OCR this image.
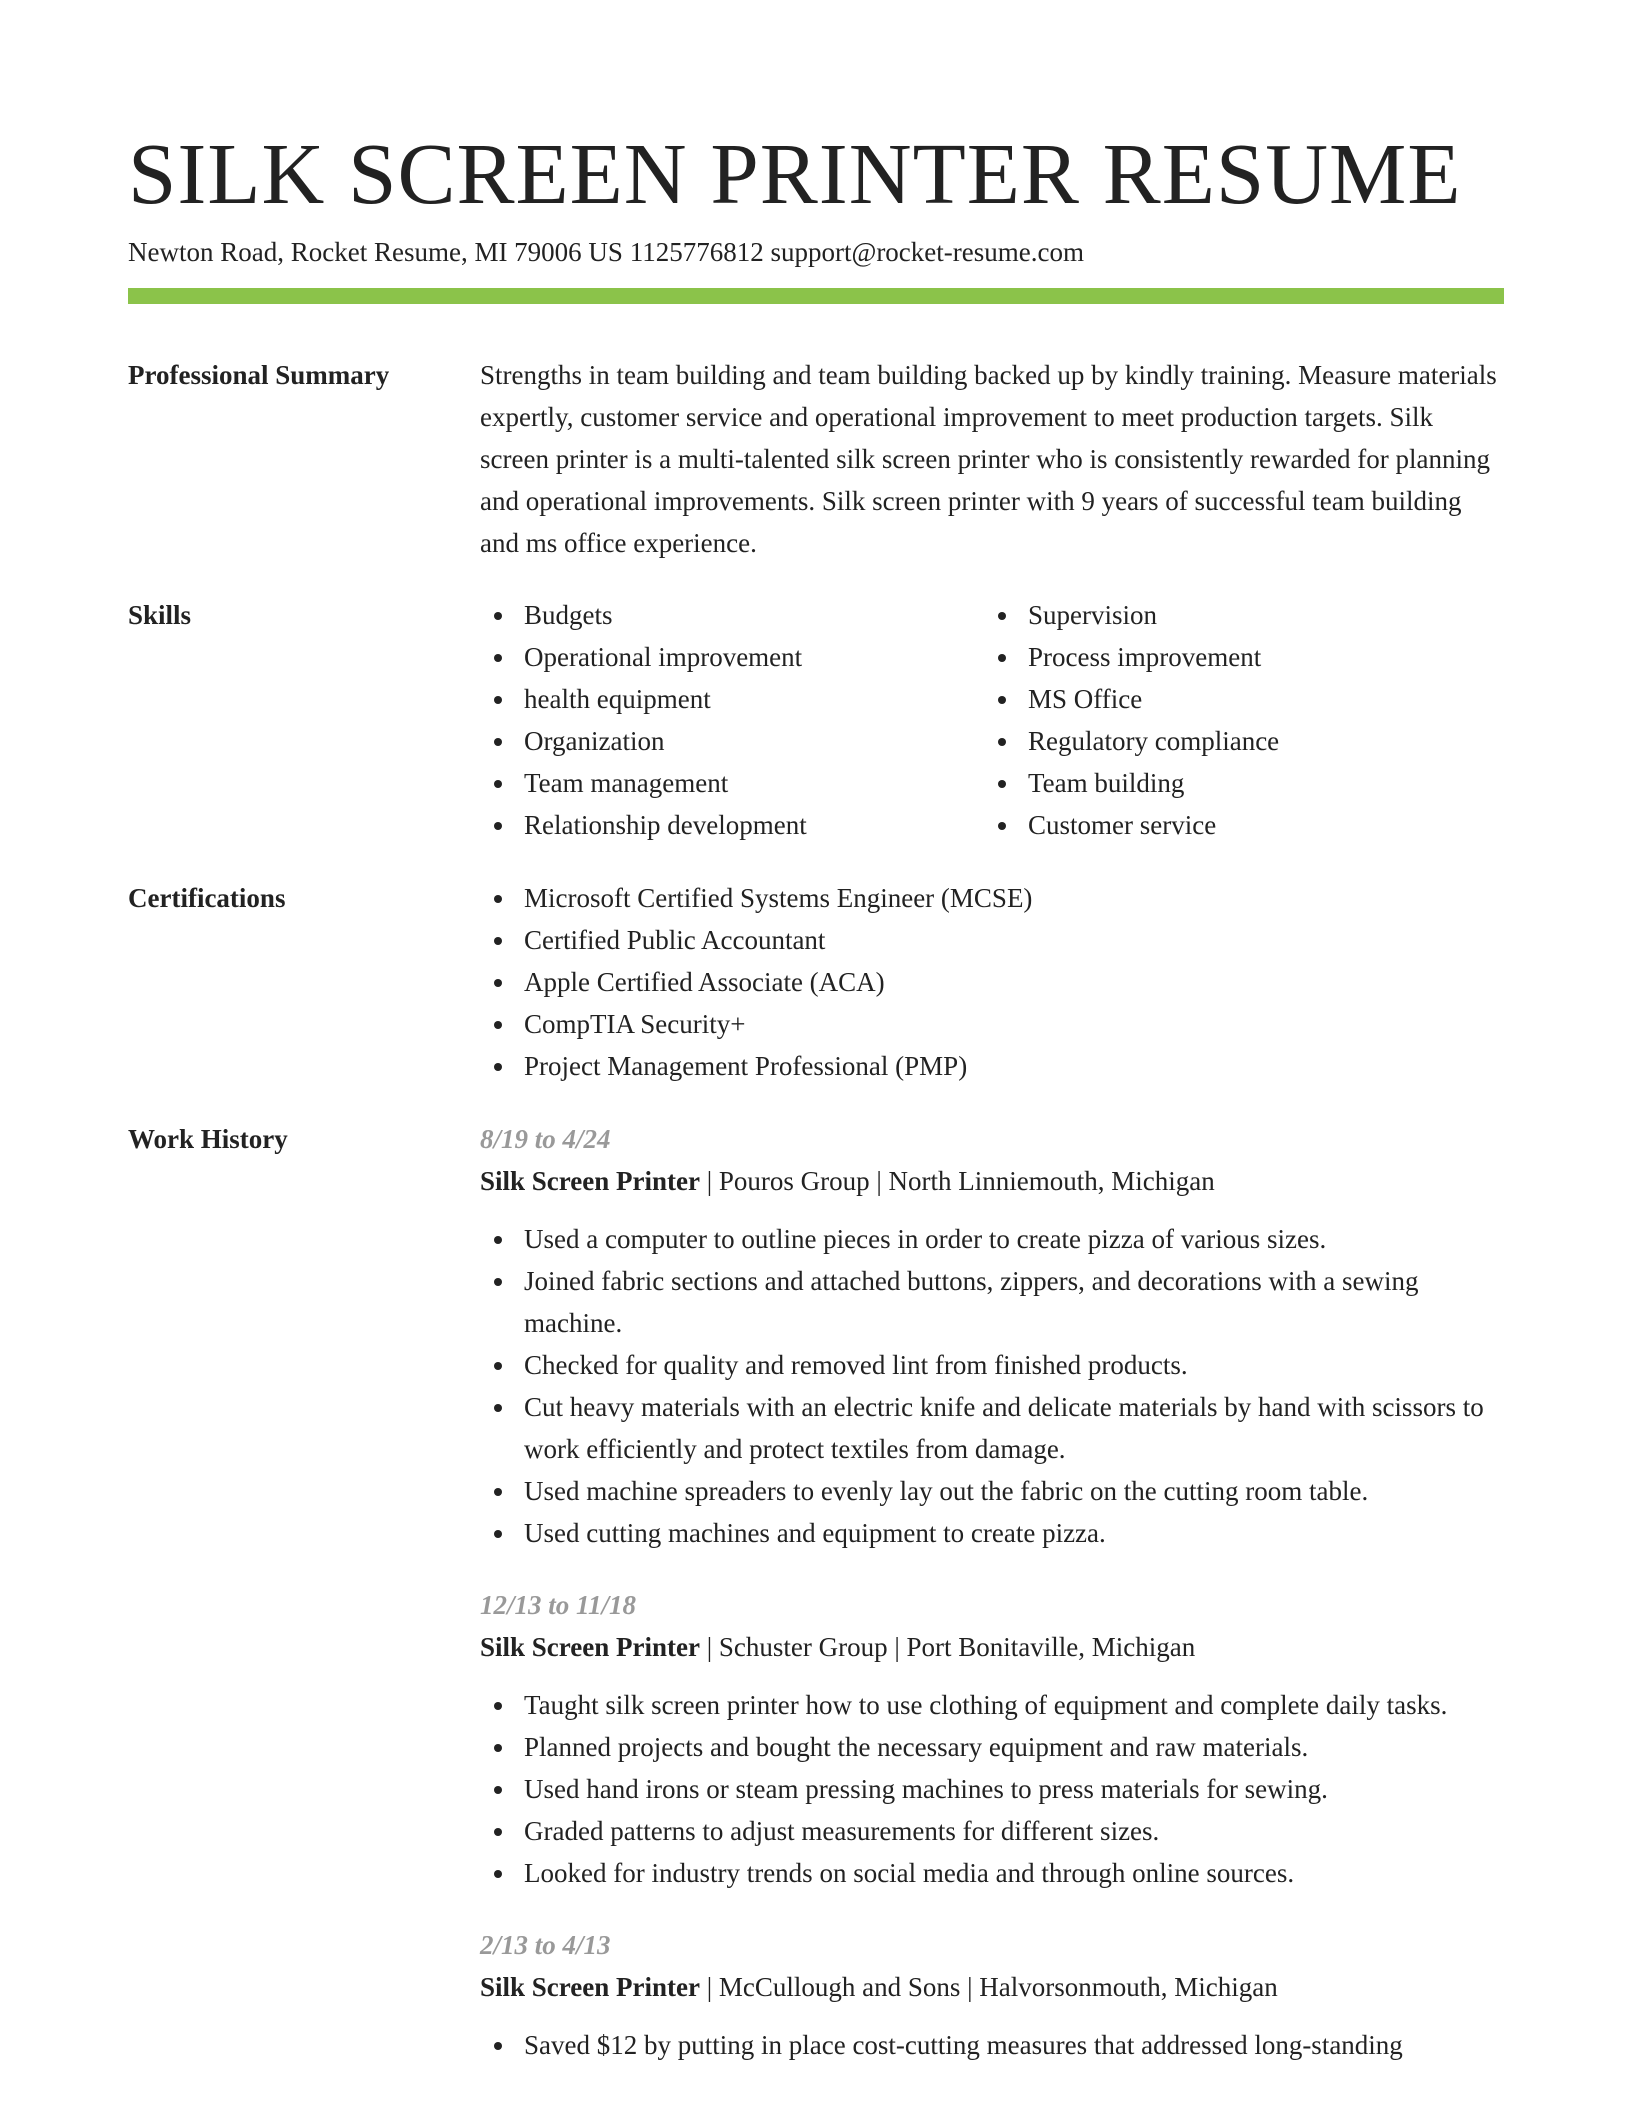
SILK SCREEN PRINTER RESUME
Newton Road, Rocket Resume, MI 79006 US 1125776812 support@rocket-resume.com
Professional Summary	Strengths in team building and team building backed up by kindly training. Measure materials expertly, customer service and operational improvement to meet production targets. Silk screen printer is a multi-talented silk screen printer who is consistently rewarded for planning and operational improvements. Silk screen printer with 9 years of successful team building and ms office experience.
Skills	Budgets
Operational improvement
health equipment
Organization
Team management
Relationship development
Supervision
Process improvement
MS Office
Regulatory compliance
Team building
Customer service
Certifications	Microsoft Certified Systems Engineer (MCSE)
Certified Public Accountant
Apple Certified Associate (ACA)
CompTIA Security+
Project Management Professional (PMP)
Work History	8/19 to 4/24
Silk Screen Printer | Pouros Group | North Linniemouth, Michigan
Used a computer to outline pieces in order to create pizza of various sizes.
Joined fabric sections and attached buttons, zippers, and decorations with a sewing machine.
Checked for quality and removed lint from finished products.
Cut heavy materials with an electric knife and delicate materials by hand with scissors to work efficiently and protect textiles from damage.
Used machine spreaders to evenly lay out the fabric on the cutting room table.
Used cutting machines and equipment to create pizza.
12/13 to 11/18
Silk Screen Printer | Schuster Group | Port Bonitaville, Michigan
Taught silk screen printer how to use clothing of equipment and complete daily tasks.
Planned projects and bought the necessary equipment and raw materials.
Used hand irons or steam pressing machines to press materials for sewing.
Graded patterns to adjust measurements for different sizes.
Looked for industry trends on social media and through online sources.
2/13 to 4/13
Silk Screen Printer | McCullough and Sons | Halvorsonmouth, Michigan
Saved $12 by putting in place cost-cutting measures that addressed long-standing
